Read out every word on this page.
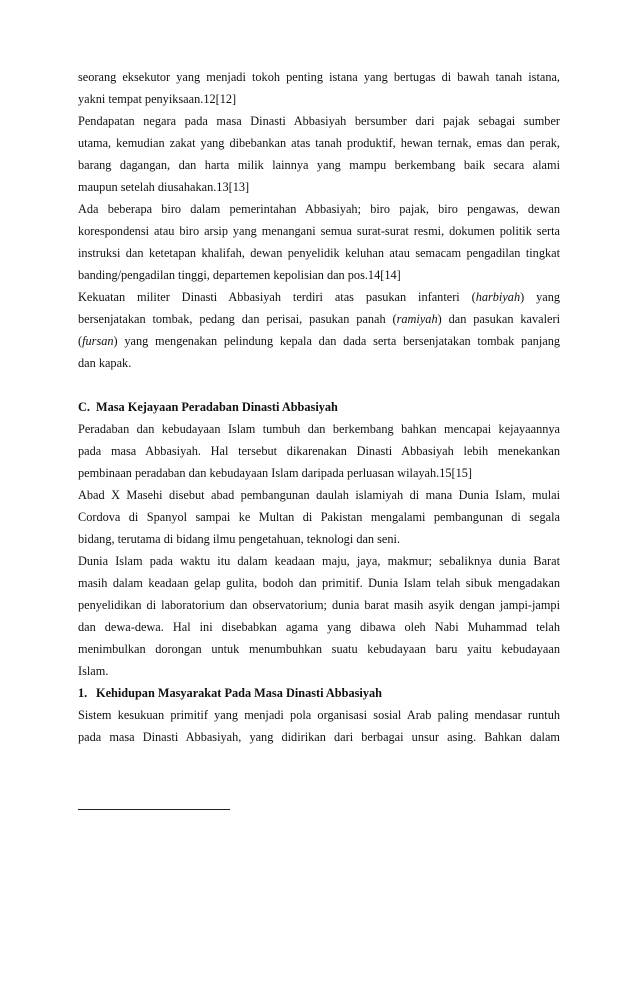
seorang eksekutor yang menjadi tokoh penting istana yang bertugas di bawah tanah istana,
yakni tempat penyiksaan.12[12]
Pendapatan negara pada masa Dinasti Abbasiyah bersumber dari pajak sebagai sumber
utama, kemudian zakat yang dibebankan atas tanah produktif, hewan ternak, emas dan perak,
barang dagangan, dan harta milik lainnya yang mampu berkembang baik secara alami
maupun setelah diusahakan.13[13]
Ada beberapa biro dalam pemerintahan Abbasiyah; biro pajak, biro pengawas, dewan
korespondensi atau biro arsip yang menangani semua surat-surat resmi, dokumen politik serta
instruksi dan ketetapan khalifah, dewan penyelidik keluhan atau semacam pengadilan tingkat
banding/pengadilan tinggi, departemen kepolisian dan pos.14[14]
Kekuatan militer Dinasti Abbasiyah terdiri atas pasukan infanteri (harbiyah) yang
bersenjatakan tombak, pedang dan perisai, pasukan panah (ramiyah) dan pasukan kavaleri
(fursan) yang mengenakan pelindung kepala dan dada serta bersenjatakan tombak panjang
dan kapak.
C. Masa Kejayaan Peradaban Dinasti Abbasiyah
Peradaban dan kebudayaan Islam tumbuh dan berkembang bahkan mencapai kejayaannya
pada masa Abbasiyah. Hal tersebut dikarenakan Dinasti Abbasiyah lebih menekankan
pembinaan peradaban dan kebudayaan Islam daripada perluasan wilayah.15[15]
Abad X Masehi disebut abad pembangunan daulah islamiyah di mana Dunia Islam, mulai
Cordova di Spanyol sampai ke Multan di Pakistan mengalami pembangunan di segala
bidang, terutama di bidang ilmu pengetahuan, teknologi dan seni.
Dunia Islam pada waktu itu dalam keadaan maju, jaya, makmur; sebaliknya dunia Barat
masih dalam keadaan gelap gulita, bodoh dan primitif. Dunia Islam telah sibuk mengadakan
penyelidikan di laboratorium dan observatorium; dunia barat masih asyik dengan jampi-jampi
dan dewa-dewa. Hal ini disebabkan agama yang dibawa oleh Nabi Muhammad telah
menimbulkan dorongan untuk menumbuhkan suatu kebudayaan baru yaitu kebudayaan
Islam.
1. Kehidupan Masyarakat Pada Masa Dinasti Abbasiyah
Sistem kesukuan primitif yang menjadi pola organisasi sosial Arab paling mendasar runtuh
pada masa Dinasti Abbasiyah, yang didirikan dari berbagai unsur asing. Bahkan dalam
